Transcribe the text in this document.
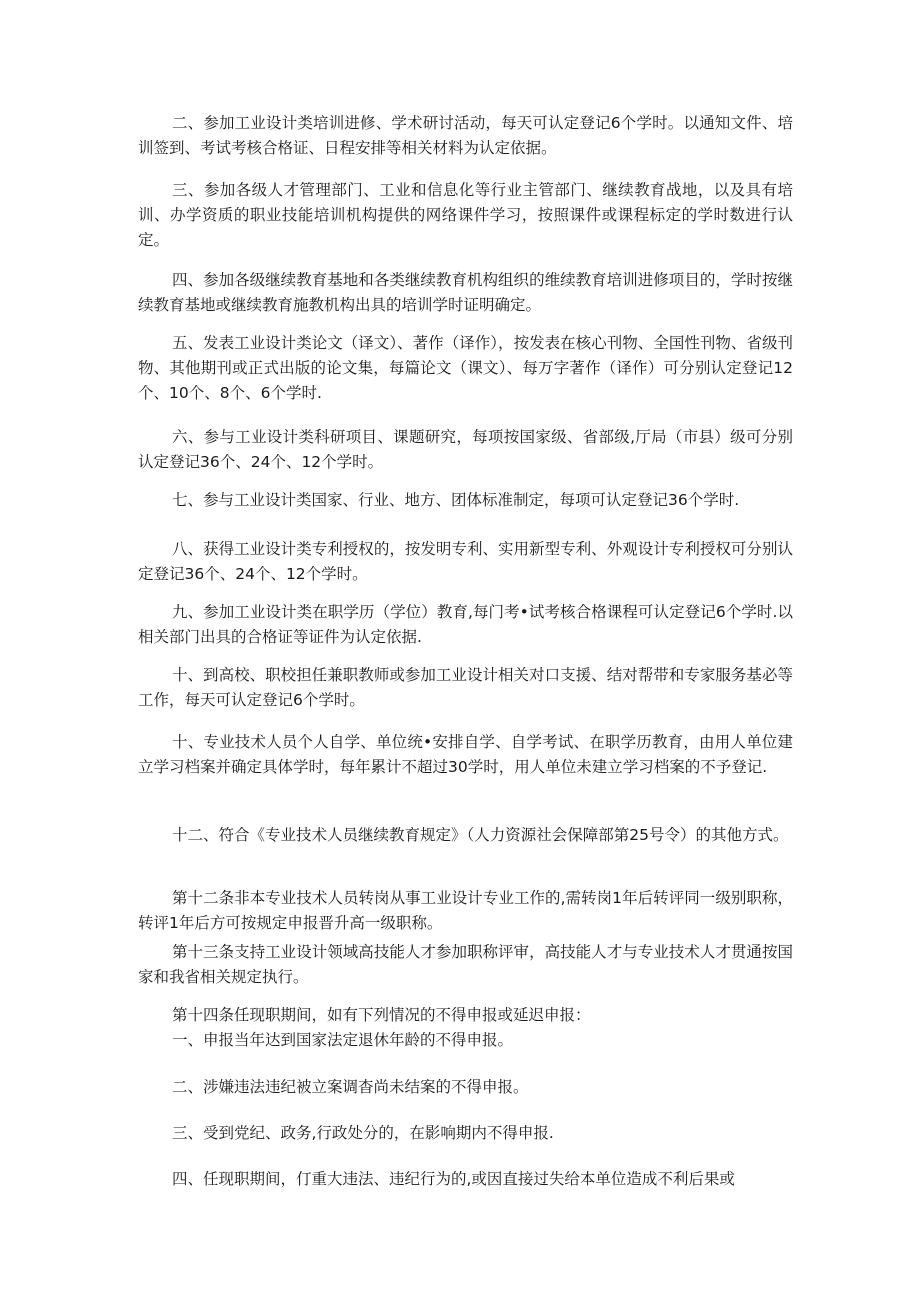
二、参加工业设计类培训进修、学术研讨活动，每天可认定登记6个学时。以通知文件、培训签到、考试考核合格证、日程安排等相关材料为认定依据。

三、参加各级人才管理部门、工业和信息化等行业主管部门、继续教育战地，以及具有培训、办学资质的职业技能培训机构提供的网络课件学习，按照课件或课程标定的学时数进行认定。

四、参加各级继续教育基地和各类继续教育机构组织的维续教育培训进修项目的，学时按继续教育基地或继续教育施教机构出具的培训学时证明确定。

五、发表工业设计类论文（译文）、著作（译作），按发表在核心刊物、全国性刊物、省级刊物、其他期刊或正式出版的论文集，每篇论文（课文）、每万字著作（译作）可分别认定登记12个、10个、8个、6个学时.

六、参与工业设计类科研项目、课题研究，每项按国家级、省部级,厅局（市县）级可分别认定登记36个、24个、12个学时。

七、参与工业设计类国家、行业、地方、团体标准制定，每项可认定登记36个学时.

八、获得工业设计类专利授权的，按发明专利、实用新型专利、外观设计专利授权可分别认定登记36个、24个、12个学时。

九、参加工业设计类在职学历（学位）教育,每门考•试考核合格课程可认定登记6个学时.以相关部门出具的合格证等证件为认定依据.

十、到高校、职校担任兼职教师或参加工业设计相关对口支援、结对帮带和专家服务基必等工作，每天可认定登记6个学时。

十、专业技术人员个人自学、单位统•安排自学、自学考试、在职学历教育，由用人单位建立学习档案并确定具体学时，每年累计不超过30学时，用人单位未建立学习档案的不予登记.

十二、符合《专业技术人员继续教育规定》（人力资源社会保障部第25号令）的其他方式。

第十二条非本专业技术人员转岗从事工业设计专业工作的,需转岗1年后转评同一级别职称，转评1年后方可按规定申报晋升高一级职称。

第十三条支持工业设计领域高技能人才参加职称评审，高技能人才与专业技术人才贯通按国家和我省相关规定执行。

第十四条任现职期间，如有下列情况的不得申报或延迟申报：

一、申报当年达到国家法定退休年龄的不得申报。

二、涉嫌违法违纪被立案调杳尚未结案的不得申报。

三、受到党纪、政务,行政处分的，在影响期内不得申报.

四、任现职期间，仃重大违法、违纪行为的,或因直接过失给本单位造成不利后果或
